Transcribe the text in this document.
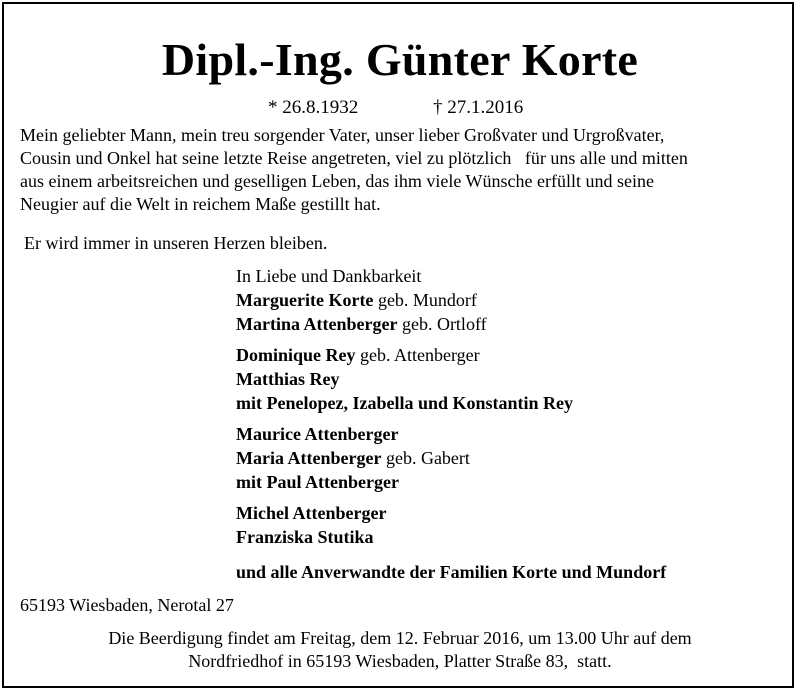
Dipl.-Ing. Günter Korte
* 26.8.1932	† 27.1.2016
Mein geliebter Mann, mein treu sorgender Vater, unser lieber Großvater und Urgroßvater,
Cousin und Onkel hat seine letzte Reise angetreten, viel zu plötzlich   für uns alle und mitten
aus einem arbeitsreichen und geselligen Leben, das ihm viele Wünsche erfüllt und seine
Neugier auf die Welt in reichem Maße gestillt hat.
Er wird immer in unseren Herzen bleiben.
In Liebe und Dankbarkeit
Marguerite Korte geb. Mundorf
Martina Attenberger geb. Ortloff
Dominique Rey geb. Attenberger
Matthias Rey
mit Penelopez, Izabella und Konstantin Rey
Maurice Attenberger
Maria Attenberger geb. Gabert
mit Paul Attenberger
Michel Attenberger
Franziska Stutika
und alle Anverwandte der Familien Korte und Mundorf
65193 Wiesbaden, Nerotal 27
Die Beerdigung findet am Freitag, dem 12. Februar 2016, um 13.00 Uhr auf dem
Nordfriedhof in 65193 Wiesbaden, Platter Straße 83,  statt.
